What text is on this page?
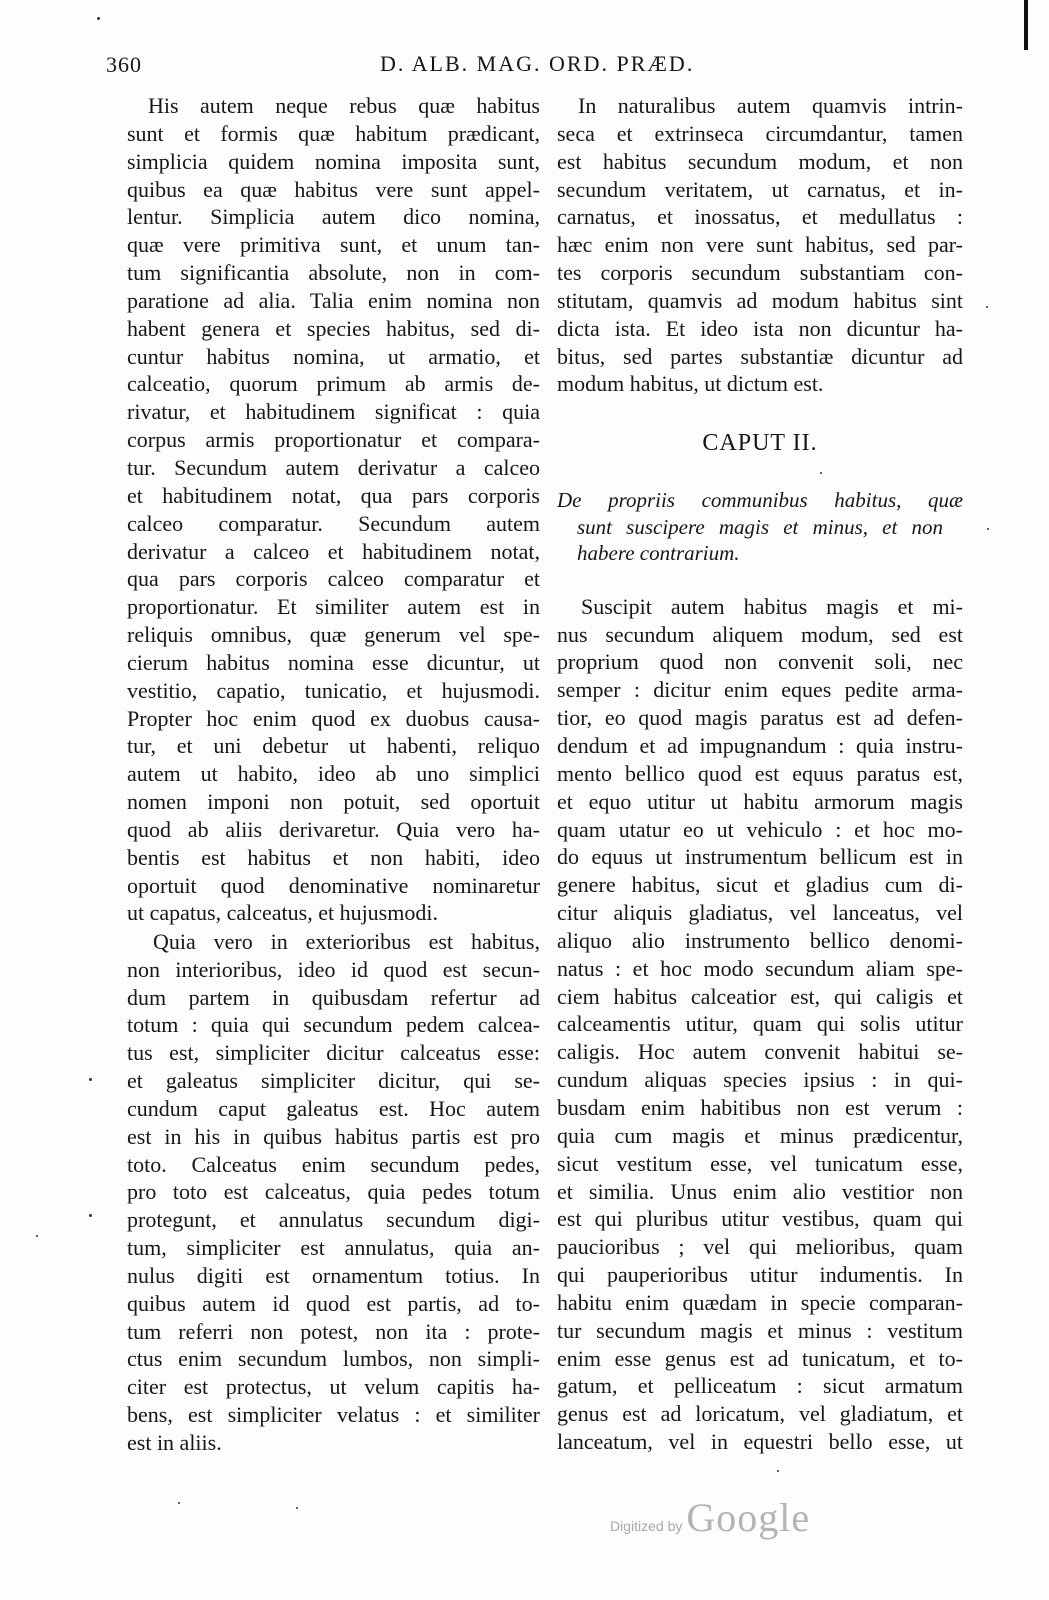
360	D. ALB. MAG. ORD. PRÆD.
His autem neque rebus quæ habitus
sunt et formis quæ habitum prædicant,
simplicia quidem nomina imposita sunt,
quibus ea quæ habitus vere sunt appel-
lentur. Simplicia autem dico nomina,
quæ vere primitiva sunt, et unum tan-
tum significantia absolute, non in com-
paratione ad alia. Talia enim nomina non
habent genera et species habitus, sed di-
cuntur habitus nomina, ut armatio, et
calceatio, quorum primum ab armis de-
rivatur, et habitudinem significat : quia
corpus armis proportionatur et compara-
tur. Secundum autem derivatur a calceo
et habitudinem notat, qua pars corporis
calceo comparatur. Secundum autem
derivatur a calceo et habitudinem notat,
qua pars corporis calceo comparatur et
proportionatur. Et similiter autem est in
reliquis omnibus, quæ generum vel spe-
cierum habitus nomina esse dicuntur, ut
vestitio, capatio, tunicatio, et hujusmodi.
Propter hoc enim quod ex duobus causa-
tur, et uni debetur ut habenti, reliquo
autem ut habito, ideo ab uno simplici
nomen imponi non potuit, sed oportuit
quod ab aliis derivaretur. Quia vero ha-
bentis est habitus et non habiti, ideo
oportuit quod denominative nominaretur
ut capatus, calceatus, et hujusmodi.
Quia vero in exterioribus est habitus,
non interioribus, ideo id quod est secun-
dum partem in quibusdam refertur ad
totum : quia qui secundum pedem calcea-
tus est, simpliciter dicitur calceatus esse:
et galeatus simpliciter dicitur, qui se-
cundum caput galeatus est. Hoc autem
est in his in quibus habitus partis est pro
toto. Calceatus enim secundum pedes,
pro toto est calceatus, quia pedes totum
protegunt, et annulatus secundum digi-
tum, simpliciter est annulatus, quia an-
nulus digiti est ornamentum totius. In
quibus autem id quod est partis, ad to-
tum referri non potest, non ita : prote-
ctus enim secundum lumbos, non simpli-
citer est protectus, ut velum capitis ha-
bens, est simpliciter velatus : et similiter
est in aliis.
In naturalibus autem quamvis intrin-
seca et extrinseca circumdantur, tamen
est habitus secundum modum, et non
secundum veritatem, ut carnatus, et in-
carnatus, et inossatus, et medullatus :
hæc enim non vere sunt habitus, sed par-
tes corporis secundum substantiam con-
stitutam, quamvis ad modum habitus sint
dicta ista. Et ideo ista non dicuntur ha-
bitus, sed partes substantiæ dicuntur ad
modum habitus, ut dictum est.
CAPUT II.
De propriis communibus habitus, quæ
sunt suscipere magis et minus, et non
habere contrarium.
Suscipit autem habitus magis et mi-
nus secundum aliquem modum, sed est
proprium quod non convenit soli, nec
semper : dicitur enim eques pedite arma-
tior, eo quod magis paratus est ad defen-
dendum et ad impugnandum : quia instru-
mento bellico quod est equus paratus est,
et equo utitur ut habitu armorum magis
quam utatur eo ut vehiculo : et hoc mo-
do equus ut instrumentum bellicum est in
genere habitus, sicut et gladius cum di-
citur aliquis gladiatus, vel lanceatus, vel
aliquo alio instrumento bellico denomi-
natus : et hoc modo secundum aliam spe-
ciem habitus calceatior est, qui caligis et
calceamentis utitur, quam qui solis utitur
caligis. Hoc autem convenit habitui se-
cundum aliquas species ipsius : in qui-
busdam enim habitibus non est verum :
quia cum magis et minus prædicentur,
sicut vestitum esse, vel tunicatum esse,
et similia. Unus enim alio vestitior non
est qui pluribus utitur vestibus, quam qui
paucioribus ; vel qui melioribus, quam
qui pauperioribus utitur indumentis. In
habitu enim quædam in specie comparan-
tur secundum magis et minus : vestitum
enim esse genus est ad tunicatum, et to-
gatum, et pelliceatum : sicut armatum
genus est ad loricatum, vel gladiatum, et
lanceatum, vel in equestri bello esse, ut
Digitized by Google
